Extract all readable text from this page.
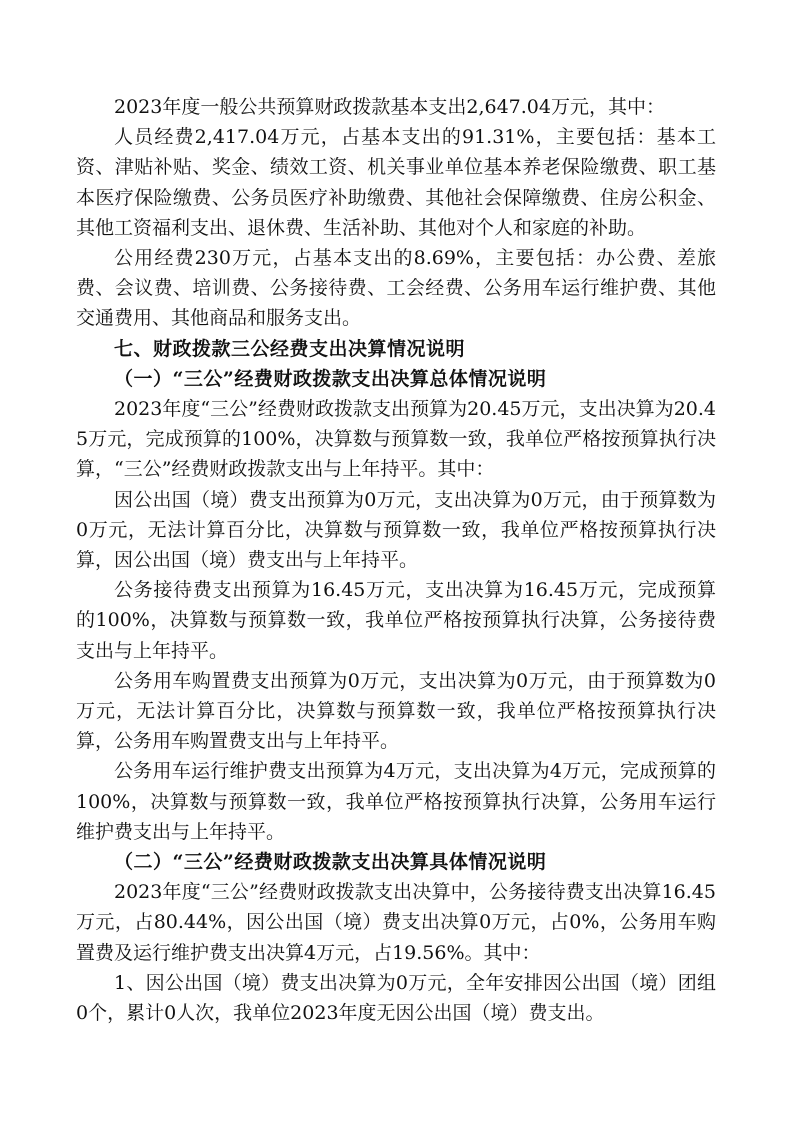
2023年度一般公共预算财政拨款基本支出2,647.04万元，其中：

人员经费2,417.04万元，占基本支出的91.31%，主要包括：基本工资、津贴补贴、奖金、绩效工资、机关事业单位基本养老保险缴费、职工基本医疗保险缴费、公务员医疗补助缴费、其他社会保障缴费、住房公积金、其他工资福利支出、退休费、生活补助、其他对个人和家庭的补助。

公用经费230万元，占基本支出的8.69%，主要包括：办公费、差旅费、会议费、培训费、公务接待费、工会经费、公务用车运行维护费、其他交通费用、其他商品和服务支出。

七、财政拨款三公经费支出决算情况说明

（一）“三公”经费财政拨款支出决算总体情况说明

2023年度“三公”经费财政拨款支出预算为20.45万元，支出决算为20.45万元，完成预算的100%，决算数与预算数一致，我单位严格按预算执行决算，“三公”经费财政拨款支出与上年持平。其中：

因公出国（境）费支出预算为0万元，支出决算为0万元，由于预算数为0万元，无法计算百分比，决算数与预算数一致，我单位严格按预算执行决算，因公出国（境）费支出与上年持平。

公务接待费支出预算为16.45万元，支出决算为16.45万元，完成预算的100%，决算数与预算数一致，我单位严格按预算执行决算，公务接待费支出与上年持平。

公务用车购置费支出预算为0万元，支出决算为0万元，由于预算数为0万元，无法计算百分比，决算数与预算数一致，我单位严格按预算执行决算，公务用车购置费支出与上年持平。

公务用车运行维护费支出预算为4万元，支出决算为4万元，完成预算的100%，决算数与预算数一致，我单位严格按预算执行决算，公务用车运行维护费支出与上年持平。

（二）“三公”经费财政拨款支出决算具体情况说明

2023年度“三公”经费财政拨款支出决算中，公务接待费支出决算16.45万元，占80.44%，因公出国（境）费支出决算0万元，占0%，公务用车购置费及运行维护费支出决算4万元，占19.56%。其中：

1、因公出国（境）费支出决算为0万元，全年安排因公出国（境）团组0个，累计0人次，我单位2023年度无因公出国（境）费支出。
